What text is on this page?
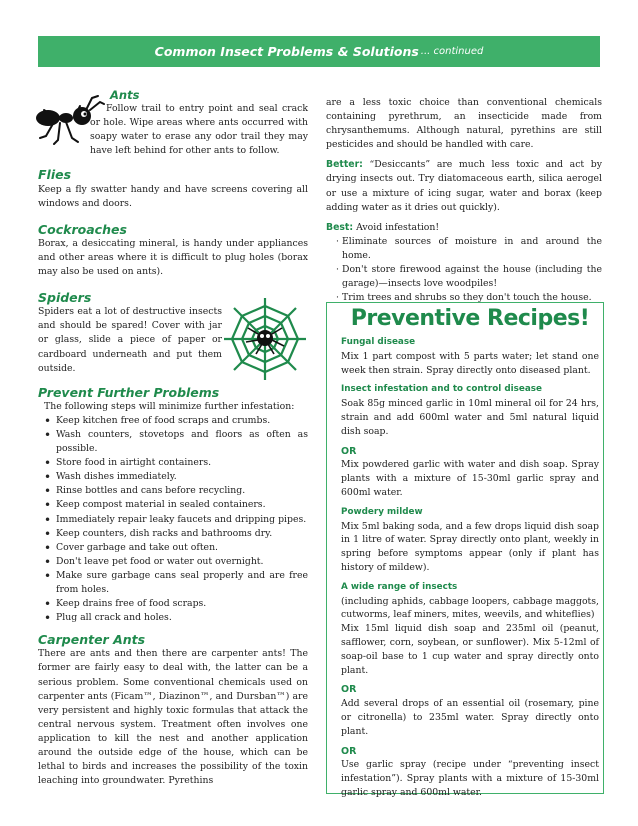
Common Insect Problems & Solutions ... continued

Ants

Follow trail to entry point and seal crack or hole. Wipe areas where ants occurred with soapy water to erase any odor trail they may have left behind for other ants to follow.

Flies

Keep a fly swatter handy and have screens covering all windows and doors.

Cockroaches

Borax, a desiccating mineral, is handy under appliances and other areas where it is difficult to plug holes (borax may also be used on ants).

Spiders

Spiders eat a lot of destructive insects and should be spared! Cover with jar or glass, slide a piece of paper or cardboard underneath and put them outside.

Prevent Further Problems

The following steps will minimize further infestation:

• Keep kitchen free of food scraps and crumbs.
• Wash counters, stovetops and floors as often as possible.
• Store food in airtight containers.
• Wash dishes immediately.
• Rinse bottles and cans before recycling.
• Keep compost material in sealed containers.
• Immediately repair leaky faucets and dripping pipes.
• Keep counters, dish racks and bathrooms dry.
• Cover garbage and take out often.
• Don't leave pet food or water out overnight.
• Make sure garbage cans seal properly and are free from holes.
• Keep drains free of food scraps.
• Plug all crack and holes.

Carpenter Ants

There are ants and then there are carpenter ants! The former are fairly easy to deal with, the latter can be a serious problem. Some conventional chemicals used on carpenter ants (Ficam™, Diazinon™, and Dursban™) are very persistent and highly toxic formulas that attack the central nervous system. Treatment often involves one application to kill the nest and another application around the outside edge of the house, which can be lethal to birds and increases the possibility of the toxin leaching into groundwater. Pyrethins

are a less toxic choice than conventional chemicals containing pyrethrum, an insecticide made from chrysanthemums. Although natural, pyrethins are still pesticides and should be handled with care.

Better: “Desiccants” are much less toxic and act by drying insects out. Try diatomaceous earth, silica aerogel or use a mixture of icing sugar, water and borax (keep adding water as it dries out quickly).

Best: Avoid infestation!

· Eliminate sources of moisture in and around the home.
· Don't store firewood against the house (including the garage)—insects love woodpiles!
· Trim trees and shrubs so they don't touch the house.
Preventive Recipes!
Fungal disease

Mix 1 part compost with 5 parts water; let stand one week then strain. Spray directly onto diseased plant.

Insect infestation and to control disease

Soak 85g minced garlic in 10ml mineral oil for 24 hrs, strain and add 600ml water and 5ml natural liquid dish soap.

OR

Mix powdered garlic with water and dish soap. Spray plants with a mixture of 15-30ml garlic spray and 600ml water.

Powdery mildew

Mix 5ml baking soda, and a few drops liquid dish soap in 1 litre of water. Spray directly onto plant, weekly in spring before symptoms appear (only if plant has history of mildew).

A wide range of insects
(including aphids, cabbage loopers, cabbage maggots, cutworms, leaf miners, mites, weevils, and whiteflies)

Mix 15ml liquid dish soap and 235ml oil (peanut, safflower, corn, soybean, or sunflower). Mix 5-12ml of soap-oil base to 1 cup water and spray directly onto plant.

OR

Add several drops of an essential oil (rosemary, pine or citronella) to 235ml water. Spray directly onto plant.

OR

Use garlic spray (recipe under “preventing insect infestation”). Spray plants with a mixture of 15-30ml garlic spray and 600ml water.
